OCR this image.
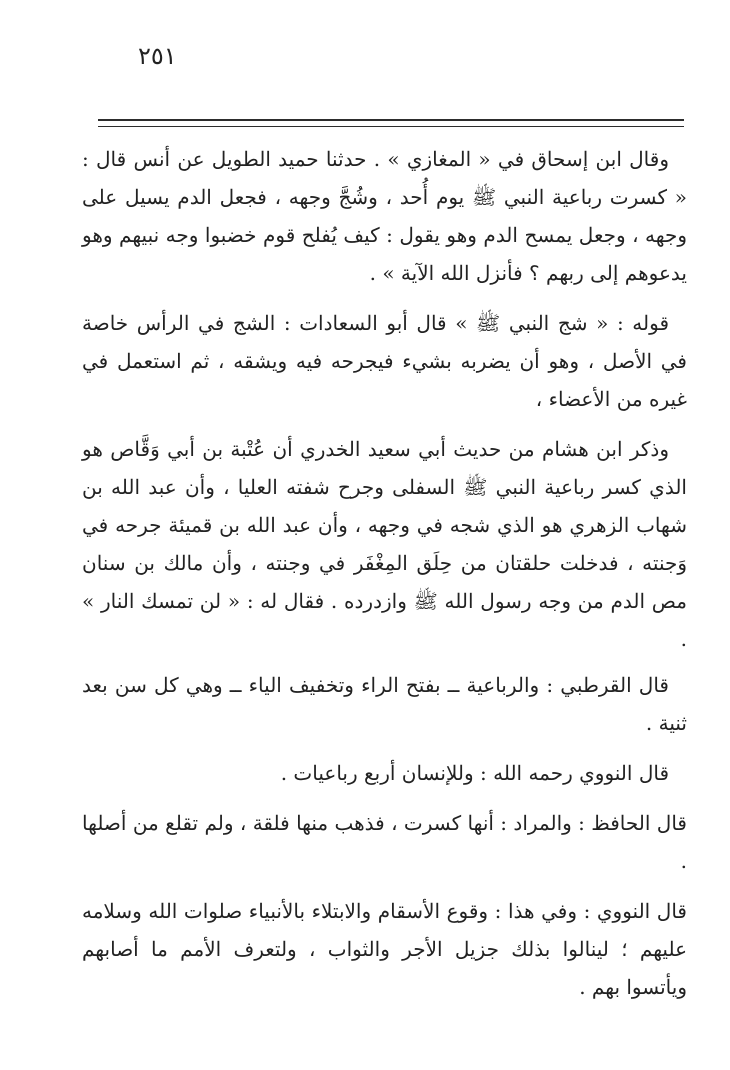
٢٥١

وقال ابن إسحاق في « المغازي » . حدثنا حميد الطويل عن أنس قال : « كسرت رباعية النبي ﷺ يوم أُحد ، وشُجَّ وجهه ، فجعل الدم يسيل على وجهه ، وجعل يمسح الدم وهو يقول : كيف يُفلح قوم خضبوا وجه نبيهم وهو يدعوهم إلى ربهم ؟ فأنزل الله الآية » .

قوله : « شج النبي ﷺ » قال أبو السعادات : الشج في الرأس خاصة في الأصل ، وهو أن يضربه بشيء فيجرحه فيه ويشقه ، ثم استعمل في غيره من الأعضاء ،

وذكر ابن هشام من حديث أبي سعيد الخدري أن عُتْبة بن أبي وَقَّاص هو الذي كسر رباعية النبي ﷺ السفلى وجرح شفته العليا ، وأن عبد الله بن شهاب الزهري هو الذي شجه في وجهه ، وأن عبد الله بن قميئة جرحه في وَجنته ، فدخلت حلقتان من حِلَق المِغْفَر في وجنته ، وأن مالك بن سنان مص الدم من وجه رسول الله ﷺ وازدرده . فقال له : « لن تمسك النار » .

قال القرطبي : والرباعية ــ بفتح الراء وتخفيف الياء ــ وهي كل سن بعد ثنية .

قال النووي رحمه الله : وللإنسان أربع رباعيات .

قال الحافظ : والمراد : أنها كسرت ، فذهب منها فلقة ، ولم تقلع من أصلها .

قال النووي : وفي هذا : وقوع الأسقام والابتلاء بالأنبياء صلوات الله وسلامه عليهم ؛ لينالوا بذلك جزيل الأجر والثواب ، ولتعرف الأمم ما أصابهم ويأتسوا بهم .
